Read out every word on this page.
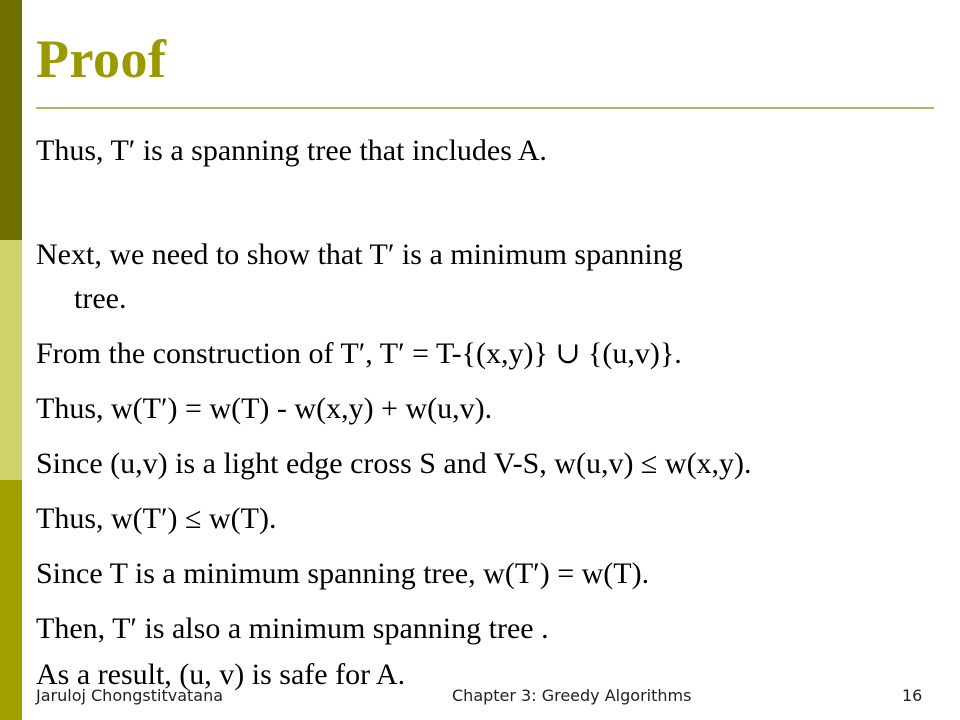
Proof
Thus, T′ is a spanning tree that includes A.
Next, we need to show that T′ is a minimum spanning
tree.
From the construction of T′, T′ = T-{(x,y)} ∪ {(u,v)}.
Thus, w(T′) = w(T) - w(x,y) + w(u,v).
Since (u,v) is a light edge cross S and V-S, w(u,v) ≤ w(x,y).
Thus, w(T′) ≤ w(T).
Since T is a minimum spanning tree, w(T′) = w(T).
Then, T′ is also a minimum spanning tree .
As a result, (u, v) is safe for A.
Jaruloj Chongstitvatana	Chapter 3: Greedy Algorithms	16
